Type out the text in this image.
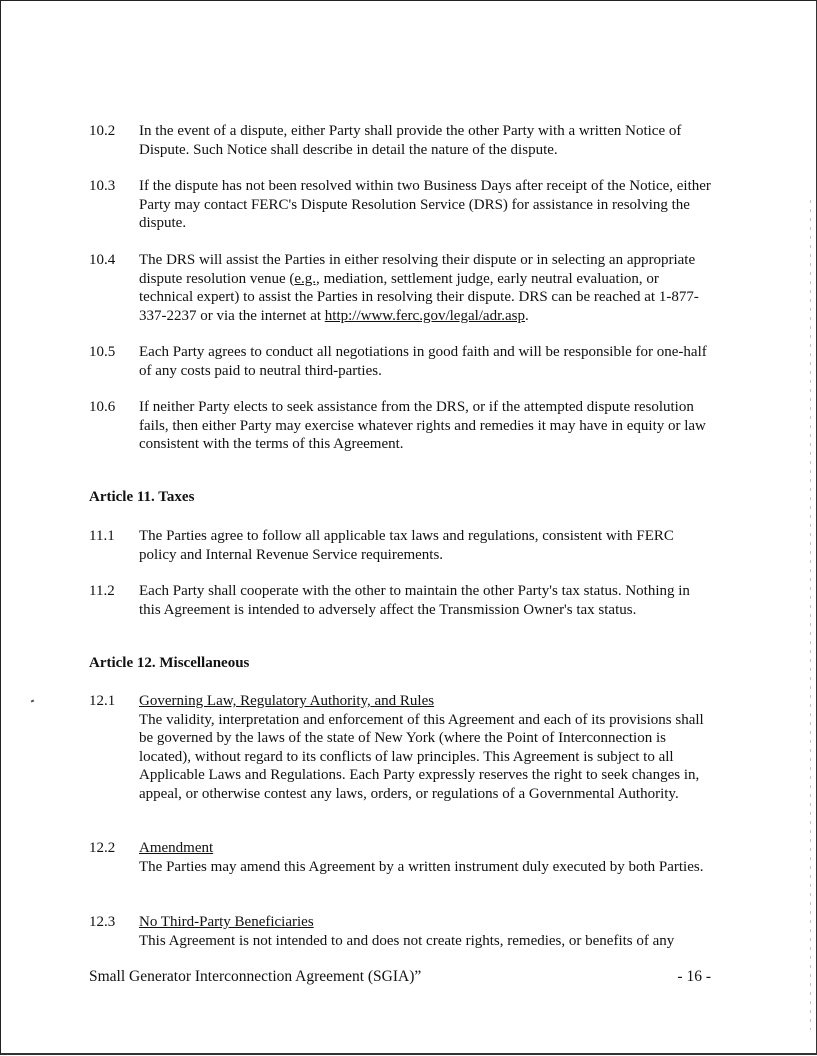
10.2	In the event of a dispute, either Party shall provide the other Party with a written Notice of Dispute. Such Notice shall describe in detail the nature of the dispute.
10.3	If the dispute has not been resolved within two Business Days after receipt of the Notice, either Party may contact FERC's Dispute Resolution Service (DRS) for assistance in resolving the dispute.
10.4	The DRS will assist the Parties in either resolving their dispute or in selecting an appropriate dispute resolution venue (e.g., mediation, settlement judge, early neutral evaluation, or technical expert) to assist the Parties in resolving their dispute. DRS can be reached at 1-877-337-2237 or via the internet at http://www.ferc.gov/legal/adr.asp.
10.5	Each Party agrees to conduct all negotiations in good faith and will be responsible for one-half of any costs paid to neutral third-parties.
10.6	If neither Party elects to seek assistance from the DRS, or if the attempted dispute resolution fails, then either Party may exercise whatever rights and remedies it may have in equity or law consistent with the terms of this Agreement.
Article 11. Taxes
11.1	The Parties agree to follow all applicable tax laws and regulations, consistent with FERC policy and Internal Revenue Service requirements.
11.2	Each Party shall cooperate with the other to maintain the other Party's tax status. Nothing in this Agreement is intended to adversely affect the Transmission Owner's tax status.
Article 12. Miscellaneous
12.1	Governing Law, Regulatory Authority, and Rules
The validity, interpretation and enforcement of this Agreement and each of its provisions shall be governed by the laws of the state of New York (where the Point of Interconnection is located), without regard to its conflicts of law principles. This Agreement is subject to all Applicable Laws and Regulations. Each Party expressly reserves the right to seek changes in, appeal, or otherwise contest any laws, orders, or regulations of a Governmental Authority.
12.2	Amendment
The Parties may amend this Agreement by a written instrument duly executed by both Parties.
12.3	No Third-Party Beneficiaries
This Agreement is not intended to and does not create rights, remedies, or benefits of any
Small Generator Interconnection Agreement (SGIA)”	- 16 -
